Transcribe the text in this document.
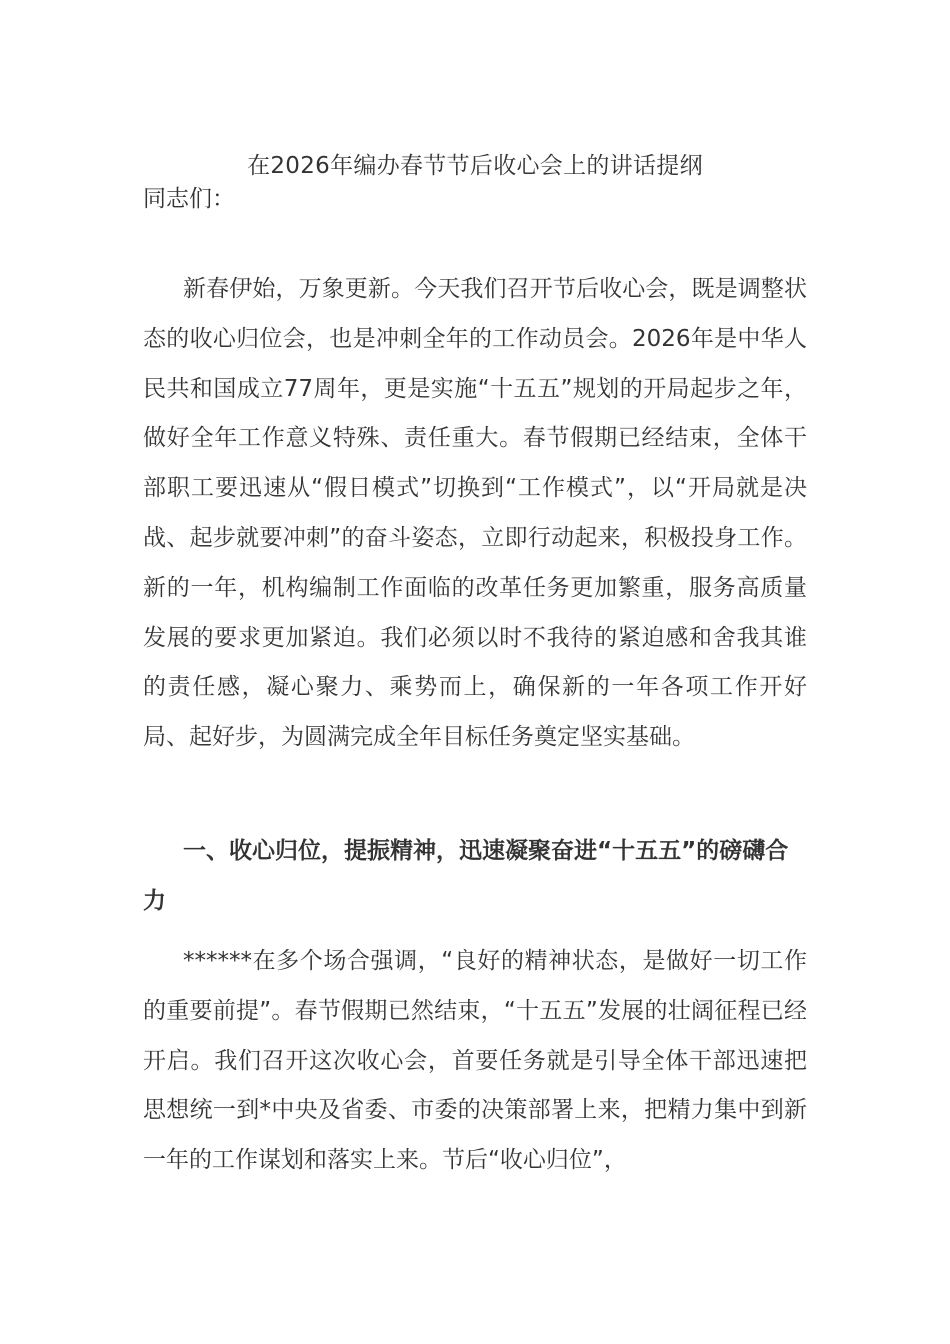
在2026年编办春节节后收心会上的讲话提纲

同志们：

新春伊始，万象更新。今天我们召开节后收心会，既是调整状态的收心归位会，也是冲刺全年的工作动员会。2026年是中华人民共和国成立77周年，更是实施“十五五”规划的开局起步之年，做好全年工作意义特殊、责任重大。春节假期已经结束，全体干部职工要迅速从“假日模式”切换到“工作模式”，以“开局就是决战、起步就要冲刺”的奋斗姿态，立即行动起来，积极投身工作。新的一年，机构编制工作面临的改革任务更加繁重，服务高质量发展的要求更加紧迫。我们必须以时不我待的紧迫感和舍我其谁的责任感，凝心聚力、乘势而上，确保新的一年各项工作开好局、起好步，为圆满完成全年目标任务奠定坚实基础。

一、收心归位，提振精神，迅速凝聚奋进“十五五”的磅礴合力

******在多个场合强调，“良好的精神状态，是做好一切工作的重要前提”。春节假期已然结束，“十五五”发展的壮阔征程已经开启。我们召开这次收心会，首要任务就是引导全体干部迅速把思想统一到*中央及省委、市委的决策部署上来，把精力集中到新一年的工作谋划和落实上来。节后“收心归位”，
